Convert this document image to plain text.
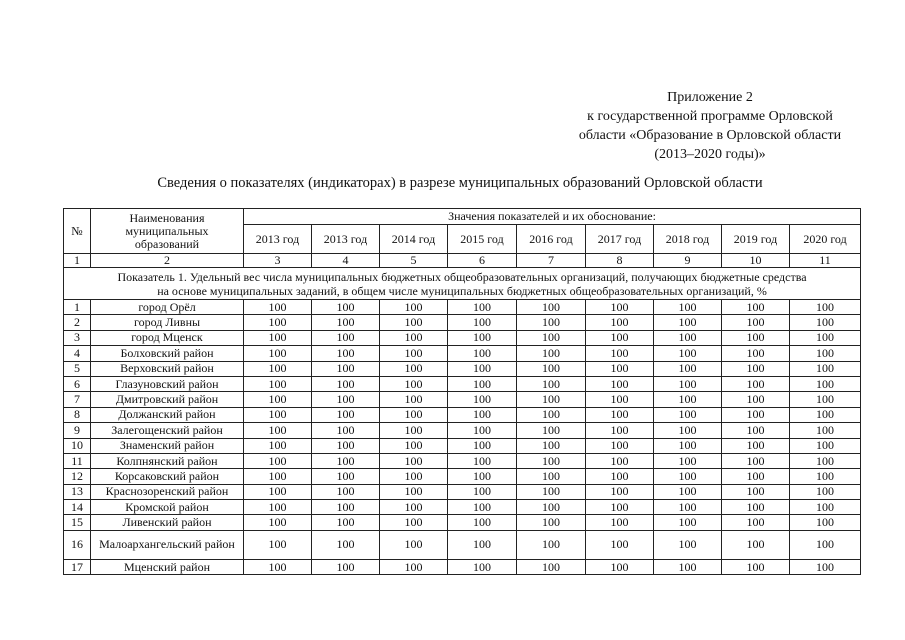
Приложение 2
к государственной программе Орловской
области «Образование в Орловской области
(2013–2020 годы)»
Сведения о показателях (индикаторах) в разрезе муниципальных образований Орловской области
№	Наименования муниципальных образований	Значения показателей и их обоснование:								
		2013 год	2013 год	2014 год	2015 год	2016 год	2017 год	2018 год	2019 год	2020 год
1	2	3	4	5	6	7	8	9	10	11

Показатель 1. Удельный вес числа муниципальных бюджетных общеобразовательных организаций, получающих бюджетные средства
на основе муниципальных заданий, в общем числе муниципальных бюджетных общеобразовательных организаций, %										

1	город Орёл	100	100	100	100	100	100	100	100	100
2	город Ливны	100	100	100	100	100	100	100	100	100
3	город Мценск	100	100	100	100	100	100	100	100	100
4	Болховский район	100	100	100	100	100	100	100	100	100
5	Верховский район	100	100	100	100	100	100	100	100	100
6	Глазуновский район	100	100	100	100	100	100	100	100	100
7	Дмитровский район	100	100	100	100	100	100	100	100	100
8	Должанский район	100	100	100	100	100	100	100	100	100
9	Залегощенский район	100	100	100	100	100	100	100	100	100
10	Знаменский район	100	100	100	100	100	100	100	100	100
11	Колпнянский район	100	100	100	100	100	100	100	100	100
12	Корсаковский район	100	100	100	100	100	100	100	100	100
13	Краснозоренский район	100	100	100	100	100	100	100	100	100
14	Кромской район	100	100	100	100	100	100	100	100	100
15	Ливенский район	100	100	100	100	100	100	100	100	100
16	Малоархангельский район	100	100	100	100	100	100	100	100	100
17	Мценский район	100	100	100	100	100	100	100	100	100
